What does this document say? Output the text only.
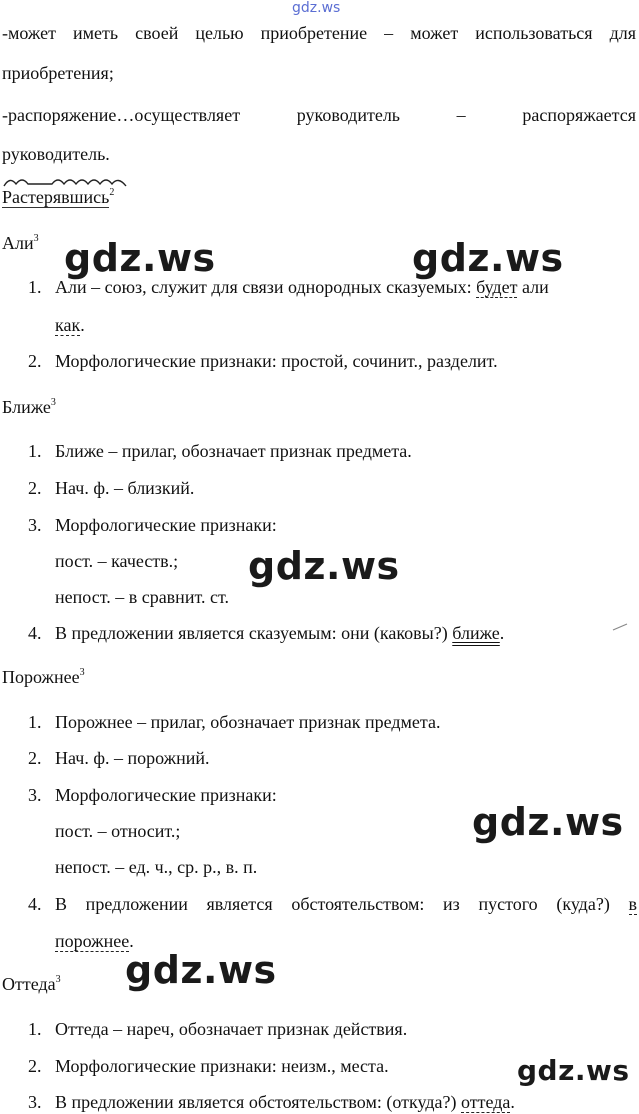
gdz.ws
-может иметь своей целью приобретение – может использоваться для
приобретения;
-распоряжение…осуществляет руководитель – распоряжается
руководитель.
Растерявшись$^2$
Али$^3$
1. Али – союз, служит для связи однородных сказуемых: будет али
как.
2. Морфологические признаки: простой, сочинит., разделит.
Ближе$^3$
1. Ближе – прилаг, обозначает признак предмета.
2. Нач. ф. – близкий.
3. Морфологические признаки:
пост. – качеств.;
непост. – в сравнит. ст.
4. В предложении является сказуемым: они (каковы?) ближе.
Порожнее$^3$
1. Порожнее – прилаг, обозначает признак предмета.
2. Нач. ф. – порожний.
3. Морфологические признаки:
пост. – относит.;
непост. – ед. ч., ср. р., в. п.
4. В предложении является обстоятельством: из пустого (куда?) в
порожнее.
Оттеда$^3$
1. Оттеда – нареч, обозначает признак действия.
2. Морфологические признаки: неизм., места.
3. В предложении является обстоятельством: (откуда?) оттеда.
gdz.ws	gdz.ws
gdz.ws
gdz.ws
gdz.ws
gdz.ws
